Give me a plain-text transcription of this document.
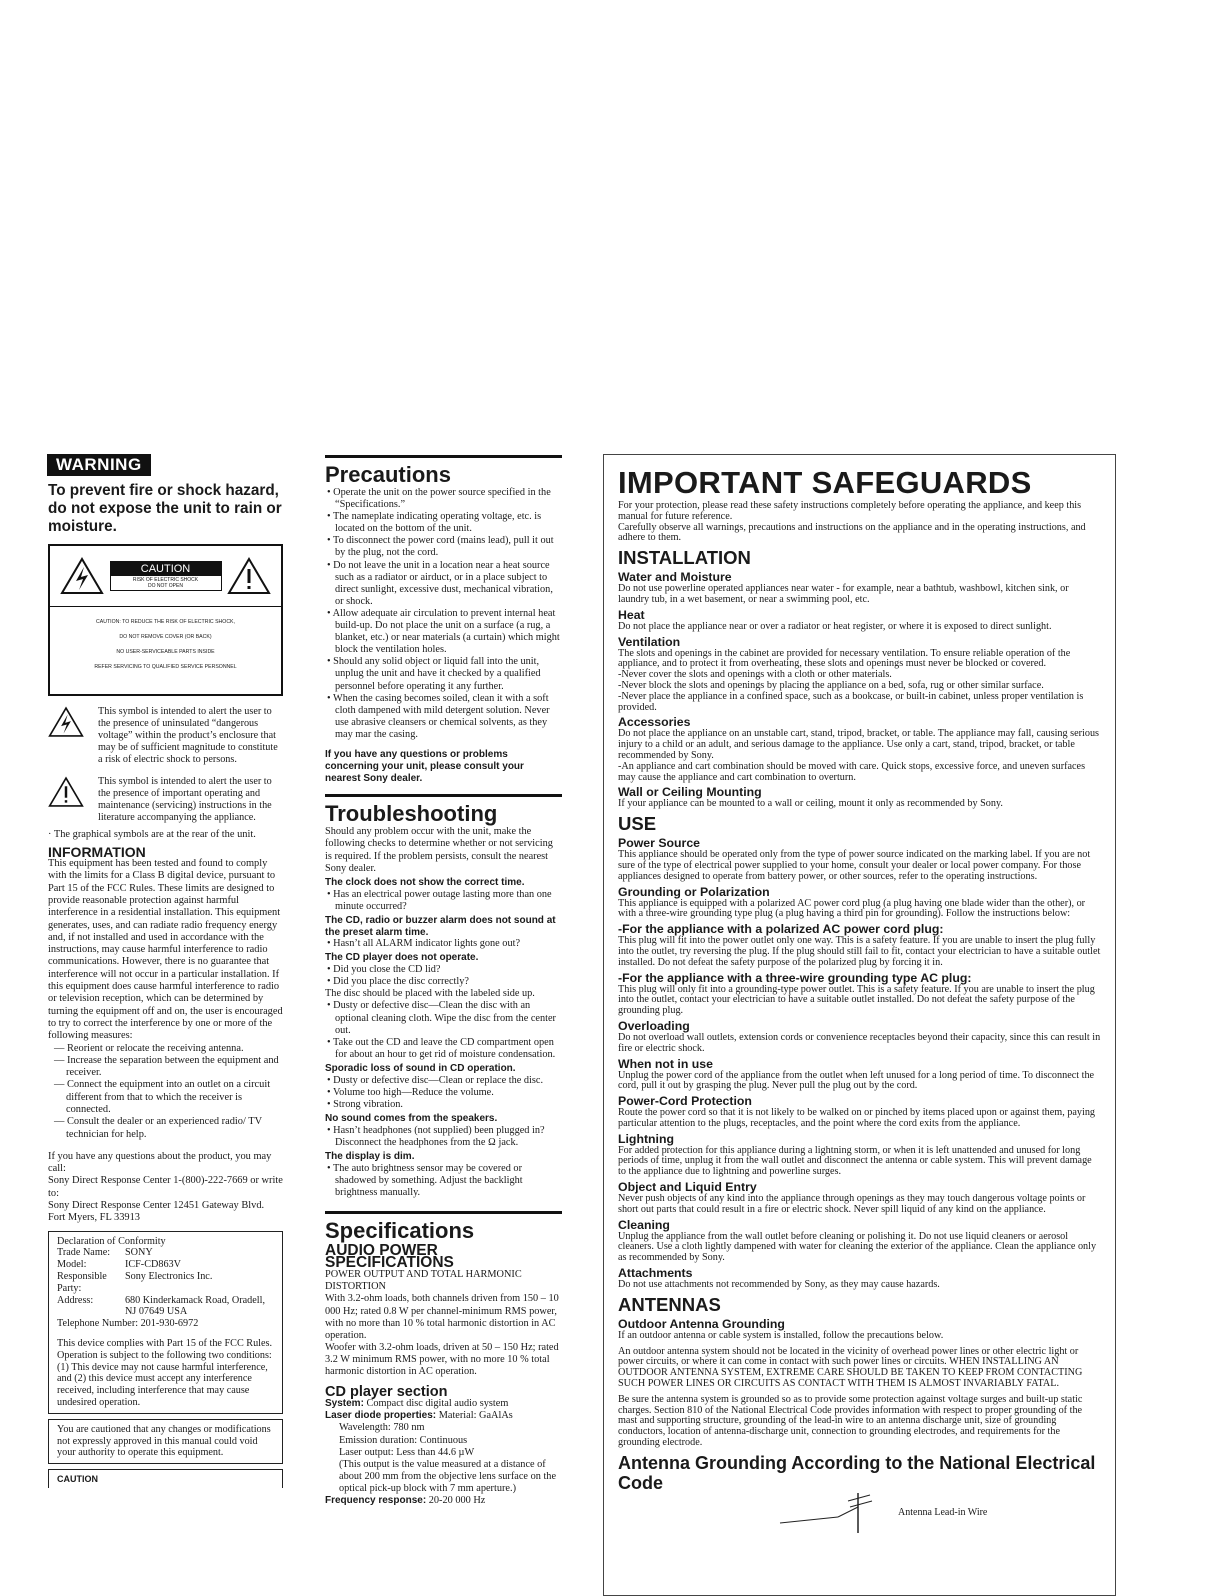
WARNING
To prevent fire or shock hazard, do not expose the unit to rain or moisture.
CAUTION
RISK OF ELECTRIC SHOCK
DO NOT OPEN
CAUTION: TO REDUCE THE RISK OF ELECTRIC SHOCK,
DO NOT REMOVE COVER (OR BACK)
NO USER-SERVICEABLE PARTS INSIDE
REFER SERVICING TO QUALIFIED SERVICE PERSONNEL

This symbol is intended to alert the user to the presence of uninsulated “dangerous voltage” within the product’s enclosure that may be of sufficient magnitude to constitute a risk of electric shock to persons.

This symbol is intended to alert the user to the presence of important operating and maintenance (servicing) instructions in the literature accompanying the appliance.

· The graphical symbols are at the rear of the unit.

INFORMATION

This equipment has been tested and found to comply with the limits for a Class B digital device, pursuant to Part 15 of the FCC Rules. These limits are designed to provide reasonable protection against harmful interference in a residential installation. This equipment generates, uses, and can radiate radio frequency energy and, if not installed and used in accordance with the instructions, may cause harmful interference to radio communications. However, there is no guarantee that interference will not occur in a particular installation. If this equipment does cause harmful interference to radio or television reception, which can be determined by turning the equipment off and on, the user is encouraged to try to correct the interference by one or more of the following measures:

— Reorient or relocate the receiving antenna.

— Increase the separation between the equipment and receiver.

— Connect the equipment into an outlet on a circuit different from that to which the receiver is connected.

— Consult the dealer or an experienced radio/ TV technician for help.

If you have any questions about the product, you may call:

Sony Direct Response Center 1-(800)-222-7669 or write to:

Sony Direct Response Center 12451 Gateway Blvd. Fort Myers, FL 33913

Declaration of Conformity

Trade Name:	SONY
Model:	ICF-CD863V
Responsible Party:	Sony Electronics Inc.
Address:	680 Kinderkamack Road, Oradell, NJ 07649 USA

Telephone Number: 201-930-6972

This device complies with Part 15 of the FCC Rules. Operation is subject to the following two conditions: (1) This device may not cause harmful interference, and (2) this device must accept any interference received, including interference that may cause undesired operation.

You are cautioned that any changes or modifications not expressly approved in this manual could void your authority to operate this equipment.

CAUTION
Precautions

• Operate the unit on the power source specified in the “Specifications.”

• The nameplate indicating operating voltage, etc. is located on the bottom of the unit.

• To disconnect the power cord (mains lead), pull it out by the plug, not the cord.

• Do not leave the unit in a location near a heat source such as a radiator or airduct, or in a place subject to direct sunlight, excessive dust, mechanical vibration, or shock.

• Allow adequate air circulation to prevent internal heat build-up. Do not place the unit on a surface (a rug, a blanket, etc.) or near materials (a curtain) which might block the ventilation holes.

• Should any solid object or liquid fall into the unit, unplug the unit and have it checked by a qualified personnel before operating it any further.

• When the casing becomes soiled, clean it with a soft cloth dampened with mild detergent solution. Never use abrasive cleansers or chemical solvents, as they may mar the casing.

If you have any questions or problems concerning your unit, please consult your nearest Sony dealer.

Troubleshooting

Should any problem occur with the unit, make the following checks to determine whether or not servicing is required. If the problem persists, consult the nearest Sony dealer.

The clock does not show the correct time.

• Has an electrical power outage lasting more than one minute occurred?

The CD, radio or buzzer alarm does not sound at the preset alarm time.

• Hasn’t all ALARM indicator lights gone out?

The CD player does not operate.

• Did you close the CD lid?

• Did you place the disc correctly?

The disc should be placed with the labeled side up.

• Dusty or defective disc—Clean the disc with an optional cleaning cloth. Wipe the disc from the center out.

• Take out the CD and leave the CD compartment open for about an hour to get rid of moisture condensation.

Sporadic loss of sound in CD operation.

• Dusty or defective disc—Clean or replace the disc.

• Volume too high—Reduce the volume.

• Strong vibration.

No sound comes from the speakers.

• Hasn’t headphones (not supplied) been plugged in? Disconnect the headphones from the Ω jack.

The display is dim.

• The auto brightness sensor may be covered or shadowed by something. Adjust the backlight brightness manually.

Specifications
AUDIO POWER SPECIFICATIONS

POWER OUTPUT AND TOTAL HARMONIC DISTORTION

With 3.2-ohm loads, both channels driven from 150 – 10 000 Hz; rated 0.8 W per channel-minimum RMS power, with no more than 10 % total harmonic distortion in AC operation.

Woofer with 3.2-ohm loads, driven at 50 – 150 Hz; rated 3.2 W minimum RMS power, with no more 10 % total harmonic distortion in AC operation.

CD player section

System: Compact disc digital audio system

Laser diode properties: Material: GaAlAs

Wavelength: 780 nm

Emission duration: Continuous

Laser output: Less than 44.6 µW

(This output is the value measured at a distance of about 200 mm from the objective lens surface on the optical pick-up block with 7 mm aperture.)

Frequency response: 20-20 000 Hz

IMPORTANT SAFEGUARDS

For your protection, please read these safety instructions completely before operating the appliance, and keep this manual for future reference.

Carefully observe all warnings, precautions and instructions on the appliance and in the operating instructions, and adhere to them.

INSTALLATION
Water and Moisture

Do not use powerline operated appliances near water - for example, near a bathtub, washbowl, kitchen sink, or laundry tub, in a wet basement, or near a swimming pool, etc.

Heat

Do not place the appliance near or over a radiator or heat register, or where it is exposed to direct sunlight.

Ventilation

The slots and openings in the cabinet are provided for necessary ventilation. To ensure reliable operation of the appliance, and to protect it from overheating, these slots and openings must never be blocked or covered.

-Never cover the slots and openings with a cloth or other materials.

-Never block the slots and openings by placing the appliance on a bed, sofa, rug or other similar surface.

-Never place the appliance in a confined space, such as a bookcase, or built-in cabinet, unless proper ventilation is provided.

Accessories

Do not place the appliance on an unstable cart, stand, tripod, bracket, or table. The appliance may fall, causing serious injury to a child or an adult, and serious damage to the appliance. Use only a cart, stand, tripod, bracket, or table recommended by Sony.

-An appliance and cart combination should be moved with care. Quick stops, excessive force, and uneven surfaces may cause the appliance and cart combination to overturn.

Wall or Ceiling Mounting

If your appliance can be mounted to a wall or ceiling, mount it only as recommended by Sony.

USE
Power Source

This appliance should be operated only from the type of power source indicated on the marking label. If you are not sure of the type of electrical power supplied to your home, consult your dealer or local power company. For those appliances designed to operate from battery power, or other sources, refer to the operating instructions.

Grounding or Polarization

This appliance is equipped with a polarized AC power cord plug (a plug having one blade wider than the other), or with a three-wire grounding type plug (a plug having a third pin for grounding). Follow the instructions below:

-For the appliance with a polarized AC power cord plug:

This plug will fit into the power outlet only one way. This is a safety feature. If you are unable to insert the plug fully into the outlet, try reversing the plug. If the plug should still fail to fit, contact your electrician to have a suitable outlet installed. Do not defeat the safety purpose of the polarized plug by forcing it in.

-For the appliance with a three-wire grounding type AC plug:

This plug will only fit into a grounding-type power outlet. This is a safety feature. If you are unable to insert the plug into the outlet, contact your electrician to have a suitable outlet installed. Do not defeat the safety purpose of the grounding plug.

Overloading

Do not overload wall outlets, extension cords or convenience receptacles beyond their capacity, since this can result in fire or electric shock.

When not in use

Unplug the power cord of the appliance from the outlet when left unused for a long period of time. To disconnect the cord, pull it out by grasping the plug. Never pull the plug out by the cord.

Power-Cord Protection

Route the power cord so that it is not likely to be walked on or pinched by items placed upon or against them, paying particular attention to the plugs, receptacles, and the point where the cord exits from the appliance.

Lightning

For added protection for this appliance during a lightning storm, or when it is left unattended and unused for long periods of time, unplug it from the wall outlet and disconnect the antenna or cable system. This will prevent damage to the appliance due to lightning and powerline surges.

Object and Liquid Entry

Never push objects of any kind into the appliance through openings as they may touch dangerous voltage points or short out parts that could result in a fire or electric shock. Never spill liquid of any kind on the appliance.

Cleaning

Unplug the appliance from the wall outlet before cleaning or polishing it. Do not use liquid cleaners or aerosol cleaners. Use a cloth lightly dampened with water for cleaning the exterior of the appliance. Clean the appliance only as recommended by Sony.

Attachments

Do not use attachments not recommended by Sony, as they may cause hazards.

ANTENNAS
Outdoor Antenna Grounding

If an outdoor antenna or cable system is installed, follow the precautions below.

An outdoor antenna system should not be located in the vicinity of overhead power lines or other electric light or power circuits, or where it can come in contact with such power lines or circuits. WHEN INSTALLING AN OUTDOOR ANTENNA SYSTEM, EXTREME CARE SHOULD BE TAKEN TO KEEP FROM CONTACTING SUCH POWER LINES OR CIRCUITS AS CONTACT WITH THEM IS ALMOST INVARIABLY FATAL.

Be sure the antenna system is grounded so as to provide some protection against voltage surges and built-up static charges. Section 810 of the National Electrical Code provides information with respect to proper grounding of the mast and supporting structure, grounding of the lead-in wire to an antenna discharge unit, size of grounding conductors, location of antenna-discharge unit, connection to grounding electrodes, and requirements for the grounding electrode.

Antenna Grounding According to the National Electrical Code
Antenna Lead-in Wire
